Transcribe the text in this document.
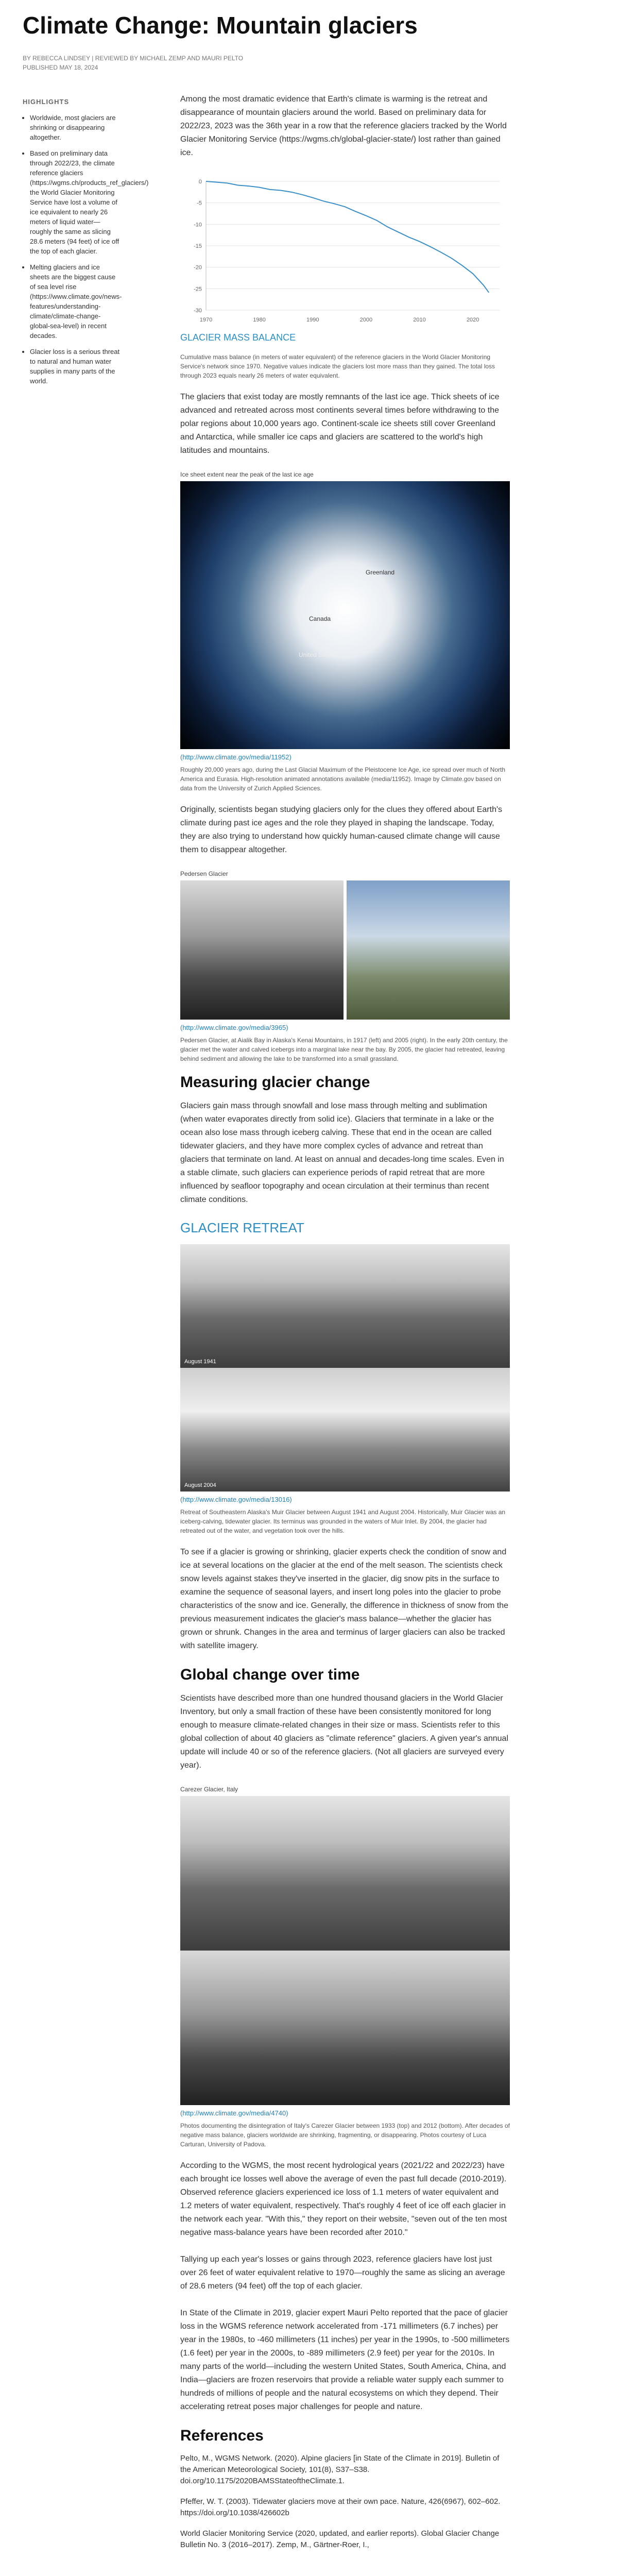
Climate Change: Mountain glaciers
BY REBECCA LINDSEY | REVIEWED BY MICHAEL ZEMP AND MAURI PELTO
PUBLISHED MAY 18, 2024
HIGHLIGHTS
• Worldwide, most glaciers are shrinking or disappearing altogether.
• Based on preliminary data through 2022/23, the climate reference glaciers (https://wgms.ch/products_ref_glaciers/) the World Glacier Monitoring Service have lost a volume of ice equivalent to nearly 26 meters of liquid water—roughly the same as slicing 28.6 meters (94 feet) of ice off the top of each glacier.
• Melting glaciers and ice sheets are the biggest cause of sea level rise (https://www.climate.gov/news-features/understanding-climate/climate-change-global-sea-level) in recent decades.
• Glacier loss is a serious threat to natural and human water supplies in many parts of the world.

Among the most dramatic evidence that Earth's climate is warming is the retreat and disappearance of mountain glaciers around the world. Based on preliminary data for 2022/23, 2023 was the 36th year in a row that the reference glaciers tracked by the World Glacier Monitoring Service (https://wgms.ch/global-glacier-state/) lost rather than gained ice.

0
-5
-10
-15
-20
-25
-30
1970	1980	1990	2000	2010	2020
GLACIER MASS BALANCE

Cumulative mass balance (in meters of water equivalent) of the reference glaciers in the World Glacier Monitoring Service's network since 1970. Negative values indicate the glaciers lost more mass than they gained. The total loss through 2023 equals nearly 26 meters of water equivalent.

The glaciers that exist today are mostly remnants of the last ice age. Thick sheets of ice advanced and retreated across most continents several times before withdrawing to the polar regions about 10,000 years ago. Continent-scale ice sheets still cover Greenland and Antarctica, while smaller ice caps and glaciers are scattered to the world's high latitudes and mountains.

Ice sheet extent near the peak of the last ice age
Greenland
Canada
United States
(http://www.climate.gov/media/11952)

Roughly 20,000 years ago, during the Last Glacial Maximum of the Pleistocene Ice Age, ice spread over much of North America and Eurasia. High-resolution animated annotations available (media/11952). Image by Climate.gov based on data from the University of Zurich Applied Sciences.

Originally, scientists began studying glaciers only for the clues they offered about Earth's climate during past ice ages and the role they played in shaping the landscape. Today, they are also trying to understand how quickly human-caused climate change will cause them to disappear altogether.

Pedersen Glacier
(http://www.climate.gov/media/3965)

Pedersen Glacier, at Aialik Bay in Alaska's Kenai Mountains, in 1917 (left) and 2005 (right). In the early 20th century, the glacier met the water and calved icebergs into a marginal lake near the bay. By 2005, the glacier had retreated, leaving behind sediment and allowing the lake to be transformed into a small grassland.

Measuring glacier change

Glaciers gain mass through snowfall and lose mass through melting and sublimation (when water evaporates directly from solid ice). Glaciers that terminate in a lake or the ocean also lose mass through iceberg calving. These that end in the ocean are called tidewater glaciers, and they have more complex cycles of advance and retreat than glaciers that terminate on land. At least on annual and decades-long time scales. Even in a stable climate, such glaciers can experience periods of rapid retreat that are more influenced by seafloor topography and ocean circulation at their terminus than recent climate conditions.

GLACIER RETREAT
August 1941
August 2004
(http://www.climate.gov/media/13016)

Retreat of Southeastern Alaska's Muir Glacier between August 1941 and August 2004. Historically, Muir Glacier was an iceberg-calving, tidewater glacier. Its terminus was grounded in the waters of Muir Inlet. By 2004, the glacier had retreated out of the water, and vegetation took over the hills.

To see if a glacier is growing or shrinking, glacier experts check the condition of snow and ice at several locations on the glacier at the end of the melt season. The scientists check snow levels against stakes they've inserted in the glacier, dig snow pits in the surface to examine the sequence of seasonal layers, and insert long poles into the glacier to probe characteristics of the snow and ice. Generally, the difference in thickness of snow from the previous measurement indicates the glacier's mass balance—whether the glacier has grown or shrunk. Changes in the area and terminus of larger glaciers can also be tracked with satellite imagery.

Global change over time

Scientists have described more than one hundred thousand glaciers in the World Glacier Inventory, but only a small fraction of these have been consistently monitored for long enough to measure climate-related changes in their size or mass. Scientists refer to this global collection of about 40 glaciers as "climate reference" glaciers. A given year's annual update will include 40 or so of the reference glaciers. (Not all glaciers are surveyed every year).

Carezer Glacier, Italy
(http://www.climate.gov/media/4740)

Photos documenting the disintegration of Italy's Carezer Glacier between 1933 (top) and 2012 (bottom). After decades of negative mass balance, glaciers worldwide are shrinking, fragmenting, or disappearing. Photos courtesy of Luca Carturan, University of Padova.

According to the WGMS, the most recent hydrological years (2021/22 and 2022/23) have each brought ice losses well above the average of even the past full decade (2010-2019). Observed reference glaciers experienced ice loss of 1.1 meters of water equivalent and 1.2 meters of water equivalent, respectively. That's roughly 4 feet of ice off each glacier in the network each year. "With this," they report on their website, "seven out of the ten most negative mass-balance years have been recorded after 2010."

Tallying up each year's losses or gains through 2023, reference glaciers have lost just over 26 feet of water equivalent relative to 1970—roughly the same as slicing an average of 28.6 meters (94 feet) off the top of each glacier.

In State of the Climate in 2019, glacier expert Mauri Pelto reported that the pace of glacier loss in the WGMS reference network accelerated from -171 millimeters (6.7 inches) per year in the 1980s, to -460 millimeters (11 inches) per year in the 1990s, to -500 millimeters (1.6 feet) per year in the 2000s, to -889 millimeters (2.9 feet) per year for the 2010s. In many parts of the world—including the western United States, South America, China, and India—glaciers are frozen reservoirs that provide a reliable water supply each summer to hundreds of millions of people and the natural ecosystems on which they depend. Their accelerating retreat poses major challenges for people and nature.

References

Pelto, M., WGMS Network. (2020). Alpine glaciers [in State of the Climate in 2019]. Bulletin of the American Meteorological Society, 101(8), S37–S38. doi.org/10.1175/2020BAMSStateoftheClimate.1.

Pfeffer, W. T. (2003). Tidewater glaciers move at their own pace. Nature, 426(6967), 602–602. https://doi.org/10.1038/426602b

World Glacier Monitoring Service (2020, updated, and earlier reports). Global Glacier Change Bulletin No. 3 (2016–2017). Zemp, M., Gärtner-Roer, I.,
